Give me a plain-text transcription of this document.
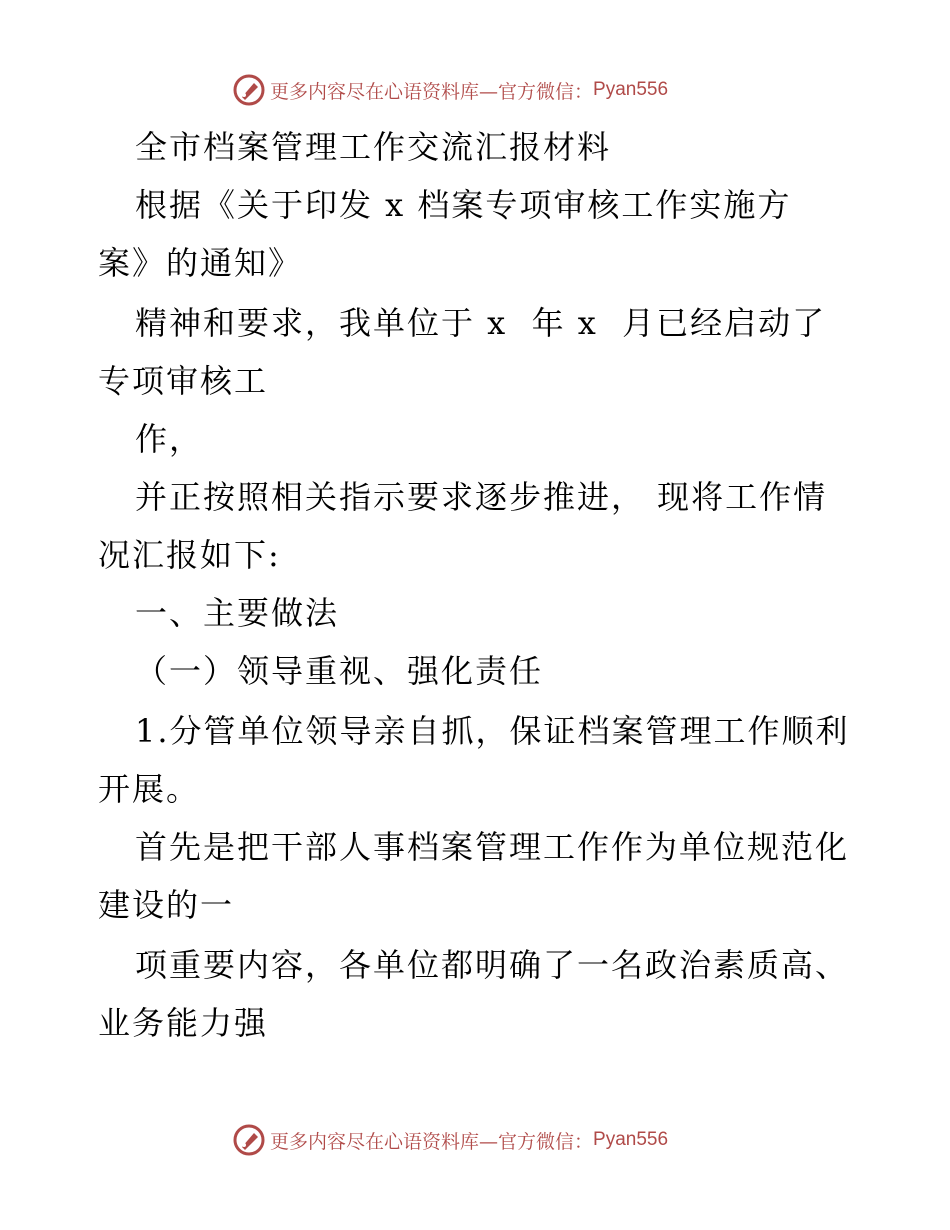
更多内容尽在心语资料库—官方微信： Pyan556
全市档案管理工作交流汇报材料
根据《关于印发 x 档案专项审核工作实施方
案》的通知》
精神和要求，我单位于 x  年 x  月已经启动了
专项审核工
作，
并正按照相关指示要求逐步推进， 现将工作情
况汇报如下:
一、主要做法
（一）领导重视、强化责任
1.分管单位领导亲自抓，保证档案管理工作顺利
开展。
首先是把干部人事档案管理工作作为单位规范化
建设的一
项重要内容，各单位都明确了一名政治素质高、
业务能力强
更多内容尽在心语资料库—官方微信： Pyan556
